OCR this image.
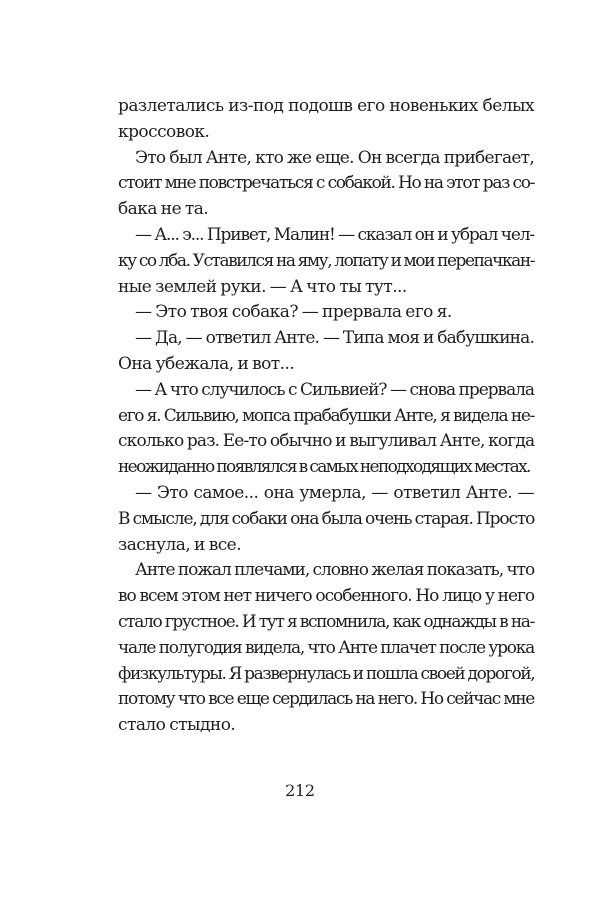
разлетались из-под подошв его новеньких белых
кроссовок.
Это был Анте, кто же еще. Он всегда прибегает,
стоит мне повстречаться с собакой. Но на этот раз со-
бака не та.
— А... э... Привет, Малин! — сказал он и убрал чел-
ку со лба. Уставился на яму, лопату и мои перепачкан-
ные землей руки. — А что ты тут...
— Это твоя собака? — прервала его я.
— Да, — ответил Анте. — Типа моя и бабушкина.
Она убежала, и вот...
— А что случилось с Сильвией? — снова прервала
его я. Сильвию, мопса прабабушки Анте, я видела не-
сколько раз. Ее-то обычно и выгуливал Анте, когда
неожиданно появлялся в самых неподходящих местах.
— Это самое... она умерла, — ответил Анте. —
В смысле, для собаки она была очень старая. Просто
заснула, и все.
Анте пожал плечами, словно желая показать, что
во всем этом нет ничего особенного. Но лицо у него
стало грустное. И тут я вспомнила, как однажды в на-
чале полугодия видела, что Анте плачет после урока
физкультуры. Я развернулась и пошла своей дорогой,
потому что все еще сердилась на него. Но сейчас мне
стало стыдно.
212
